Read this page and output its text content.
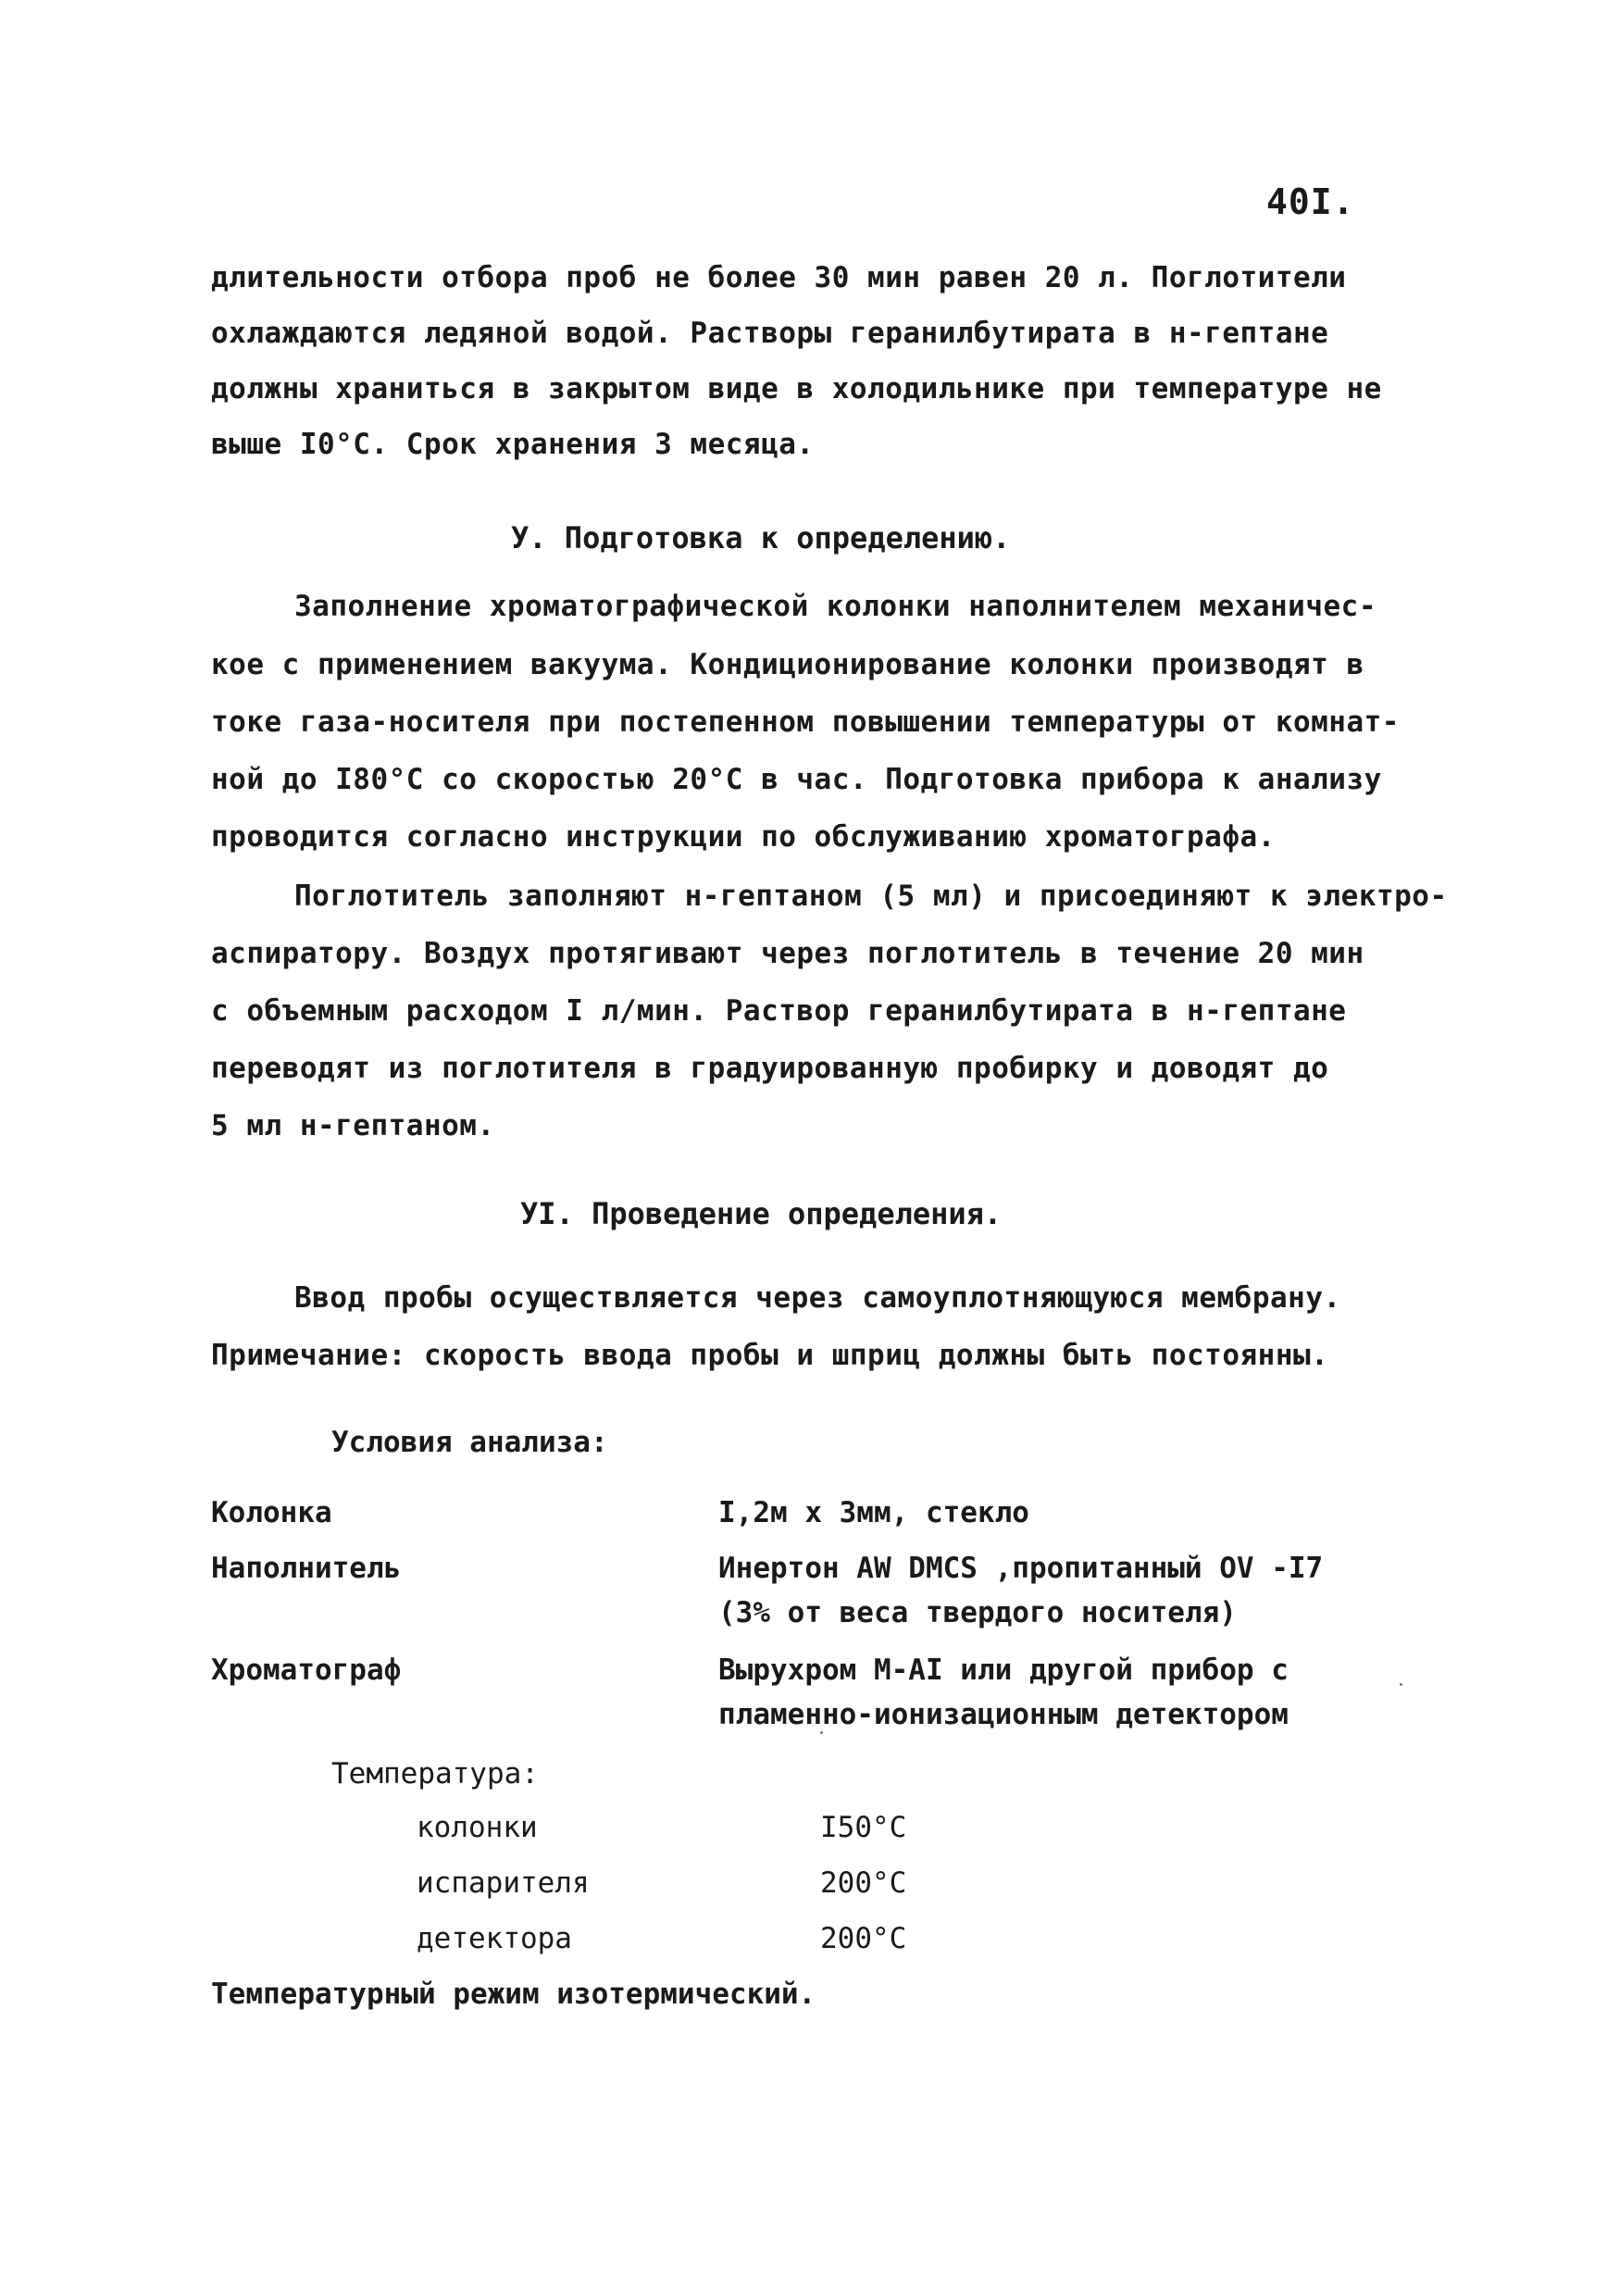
40I.
длительности отбора проб не более 30 мин равен 20 л. Поглотители
охлаждаются ледяной водой. Растворы геранилбутирата в н-гептане
должны храниться в закрытом виде в холодильнике при температуре не
выше I0°С. Срок хранения 3 месяца.
У. Подготовка к определению.
Заполнение хроматографической колонки наполнителем механичес-
кое с применением вакуума. Кондиционирование колонки производят в
токе газа-носителя при постепенном повышении температуры от комнат-
ной до I80°С со скоростью 20°С в час. Подготовка прибора к анализу
проводится согласно инструкции по обслуживанию хроматографа.
Поглотитель заполняют н-гептаном (5 мл) и присоединяют к электро-
аспиратору. Воздух протягивают через поглотитель в течение 20 мин
с объемным расходом I л/мин. Раствор геранилбутирата в н-гептане
переводят из поглотителя в градуированную пробирку и доводят до
5 мл н-гептаном.
УI. Проведение определения.
Ввод пробы осуществляется через самоуплотняющуюся мембрану.
Примечание: скорость ввода пробы и шприц должны быть постоянны.
Условия анализа:
Колонка	I,2м х 3мм, стекло
Наполнитель	Инертон AW DMCS ,пропитанный OV -I7
(3% от веса твердого носителя)
Хроматограф	Вырухром М-АI или другой прибор с
пламенно-ионизационным детектором
Температура:
колонки	I50°С
испарителя	200°С
детектора	200°С
Температурный режим изотермический.
